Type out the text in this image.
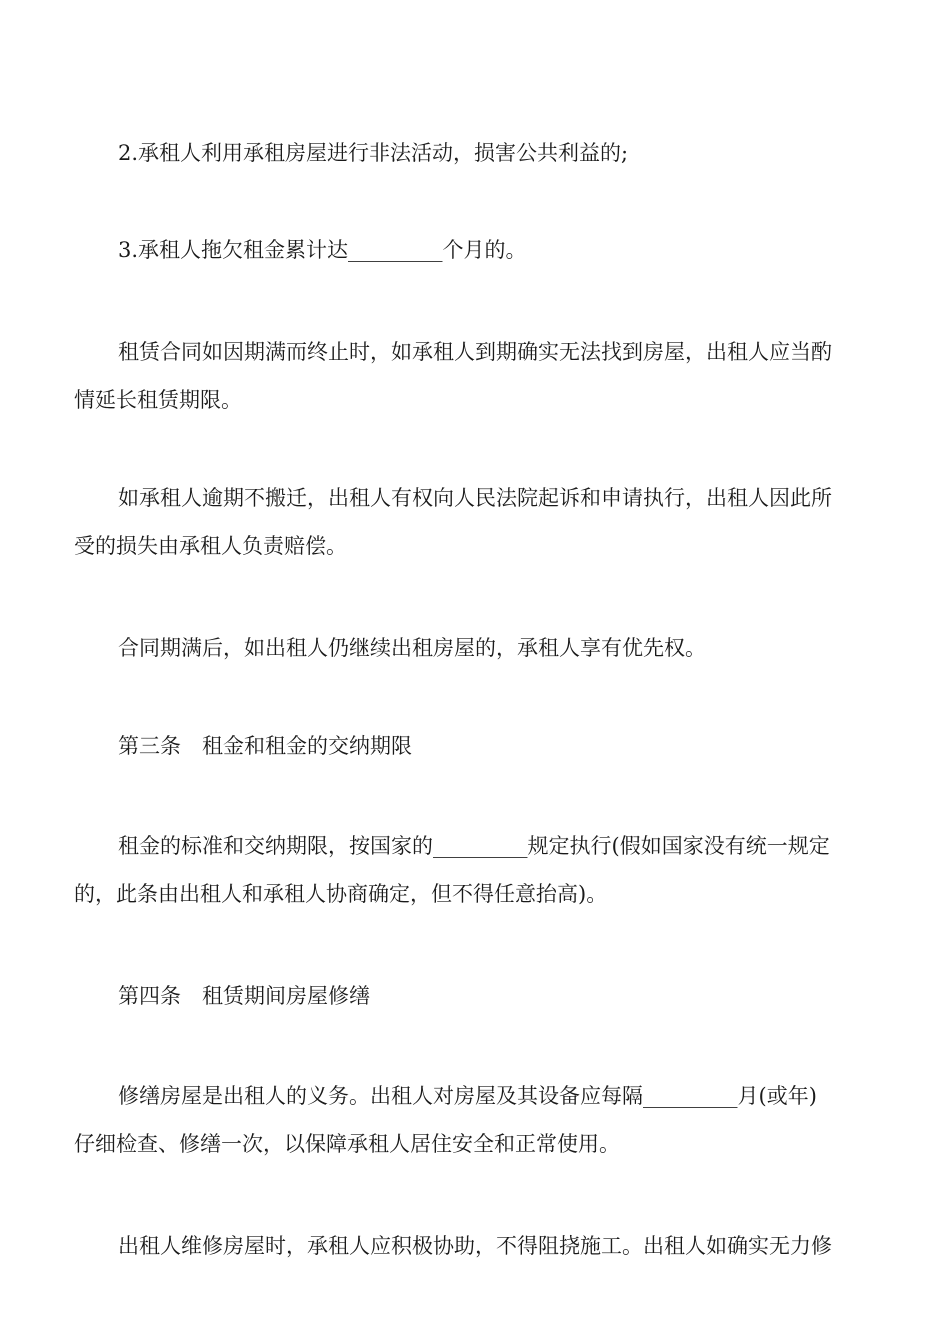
2.承租人利用承租房屋进行非法活动，损害公共利益的;
3.承租人拖欠租金累计达_________个月的。
租赁合同如因期满而终止时，如承租人到期确实无法找到房屋，出租人应当酌
情延长租赁期限。
如承租人逾期不搬迁，出租人有权向人民法院起诉和申请执行，出租人因此所
受的损失由承租人负责赔偿。
合同期满后，如出租人仍继续出租房屋的，承租人享有优先权。
第三条　租金和租金的交纳期限
租金的标准和交纳期限，按国家的_________规定执行(假如国家没有统一规定
的，此条由出租人和承租人协商确定，但不得任意抬高)。
第四条　租赁期间房屋修缮
修缮房屋是出租人的义务。出租人对房屋及其设备应每隔_________月(或年)
仔细检查、修缮一次，以保障承租人居住安全和正常使用。
出租人维修房屋时，承租人应积极协助，不得阻挠施工。出租人如确实无力修
